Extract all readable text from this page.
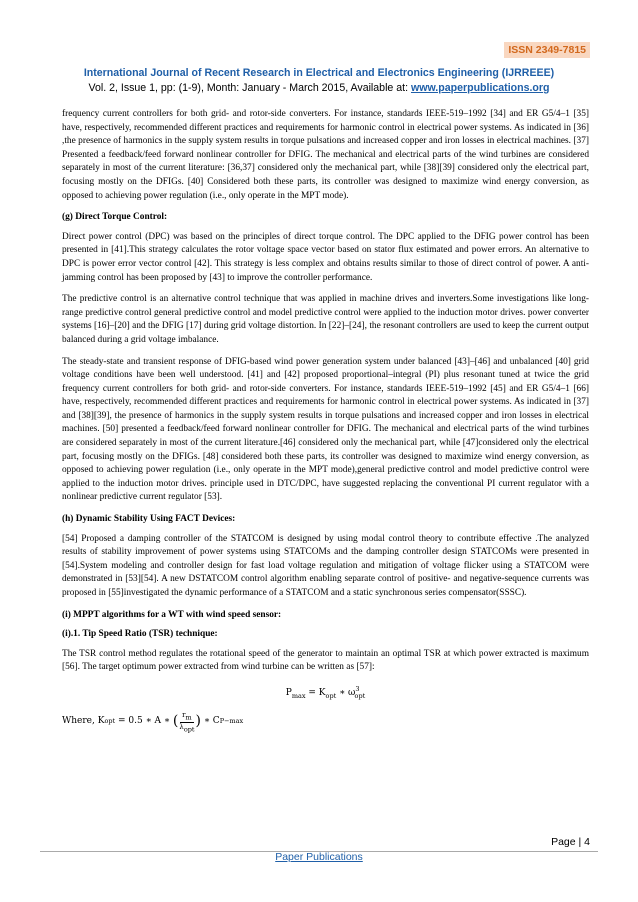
ISSN 2349-7815
International Journal of Recent Research in Electrical and Electronics Engineering (IJRREEE)
Vol. 2, Issue 1, pp: (1-9), Month: January - March 2015, Available at: www.paperpublications.org

frequency current controllers for both grid- and rotor-side converters. For instance, standards IEEE-519–1992 [34] and ER G5/4–1 [35] have, respectively, recommended different practices and requirements for harmonic control in electrical power systems. As indicated in [36] ,the presence of harmonics in the supply system results in torque pulsations and increased copper and iron losses in electrical machines. [37] Presented a feedback/feed forward nonlinear controller for DFIG. The mechanical and electrical parts of the wind turbines are considered separately in most of the current literature: [36,37] considered only the mechanical part, while [38][39] considered only the electrical part, focusing mostly on the DFIGs. [40] Considered both these parts, its controller was designed to maximize wind energy conversion, as opposed to achieving power regulation (i.e., only operate in the MPT mode).

(g) Direct Torque Control:

Direct power control (DPC) was based on the principles of direct torque control. The DPC applied to the DFIG power control has been presented in [41].This strategy calculates the rotor voltage space vector based on stator flux estimated and power errors. An alternative to DPC is power error vector control [42]. This strategy is less complex and obtains results similar to those of direct control of power. A anti-jamming control has been proposed by [43] to improve the controller performance.

The predictive control is an alternative control technique that was applied in machine drives and inverters.Some investigations like long-range predictive control general predictive control and model predictive control were applied to the induction motor drives. power converter systems [16]–[20] and the DFIG [17] during grid voltage distortion. In [22]–[24], the resonant controllers are used to keep the current output balanced during a grid voltage imbalance.

The steady-state and transient response of DFIG-based wind power generation system under balanced [43]–[46] and unbalanced [40] grid voltage conditions have been well understood. [41] and [42] proposed proportional–integral (PI) plus resonant tuned at twice the grid frequency current controllers for both grid- and rotor-side converters. For instance, standards IEEE-519–1992 [45] and ER G5/4–1 [66] have, respectively, recommended different practices and requirements for harmonic control in electrical power systems. As indicated in [37] and [38][39], the presence of harmonics in the supply system results in torque pulsations and increased copper and iron losses in electrical machines. [50] presented a feedback/feed forward nonlinear controller for DFIG. The mechanical and electrical parts of the wind turbines are considered separately in most of the current literature.[46] considered only the mechanical part, while [47]considered only the electrical part, focusing mostly on the DFIGs. [48] considered both these parts, its controller was designed to maximize wind energy conversion, as opposed to achieving power regulation (i.e., only operate in the MPT mode),general predictive control and model predictive control were applied to the induction motor drives. principle used in DTC/DPC, have suggested replacing the conventional PI current regulator with a nonlinear predictive current regulator [53].

(h) Dynamic Stability Using FACT Devices:

[54] Proposed a damping controller of the STATCOM is designed by using modal control theory to contribute effective .The analyzed results of stability improvement of power systems using STATCOMs and the damping controller design STATCOMs were presented in [54].System modeling and controller design for fast load voltage regulation and mitigation of voltage flicker using a STATCOM were demonstrated in [53][54]. A new DSTATCOM control algorithm enabling separate control of positive- and negative-sequence currents was proposed in [55]investigated the dynamic performance of a STATCOM and a static synchronous series compensator(SSSC).

(i) MPPT algorithms for a WT with wind speed sensor:
(i).1. Tip Speed Ratio (TSR) technique:

The TSR control method regulates the rotational speed of the generator to maintain an optimal TSR at which power extracted is maximum [56]. The target optimum power extracted from wind turbine can be written as [57]:

$P_{max} = K_{opt}$ ∗ $\omega^3_{opt}$
Where, K opt = 0.5 ∗ A ∗ ( $\frac{r_m}{\lambda_{opt}}$ ) ∗ C P−max
Page | 4
Paper Publications
